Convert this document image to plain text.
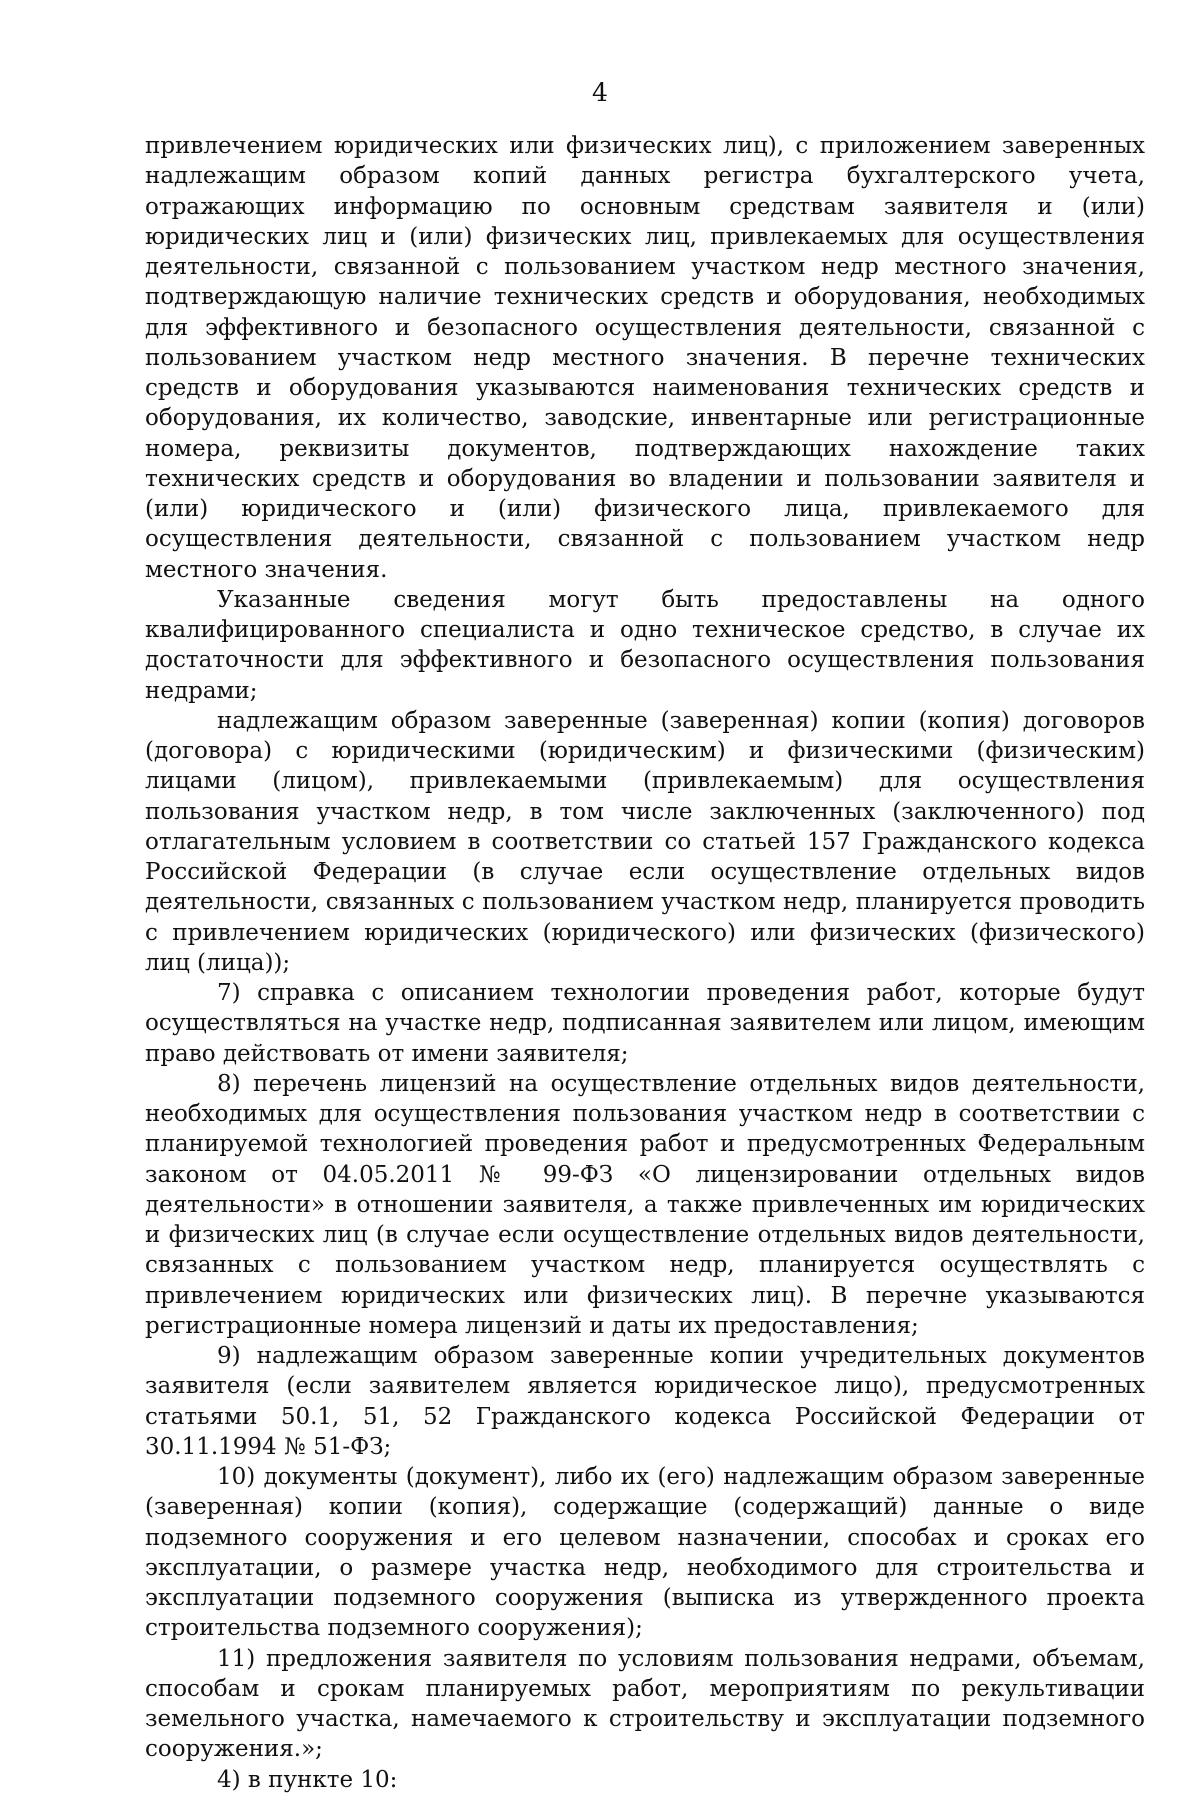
4

привлечением юридических или физических лиц), с приложением заверенных надлежащим образом копий данных регистра бухгалтерского учета, отражающих информацию по основным средствам заявителя и (или) юридических лиц и (или) физических лиц, привлекаемых для осуществления деятельности, связанной с пользованием участком недр местного значения, подтверждающую наличие технических средств и оборудования, необходимых для эффективного и безопасного осуществления деятельности, связанной с пользованием участком недр местного значения. В перечне технических средств и оборудования указываются наименования технических средств и оборудования, их количество, заводские, инвентарные или регистрационные номера, реквизиты документов, подтверждающих нахождение таких технических средств и оборудования во владении и пользовании заявителя и (или) юридического и (или) физического лица, привлекаемого для осуществления деятельности, связанной с пользованием участком недр местного значения.

Указанные сведения могут быть предоставлены на одного квалифицированного специалиста и одно техническое средство, в случае их достаточности для эффективного и безопасного осуществления пользования недрами;

надлежащим образом заверенные (заверенная) копии (копия) договоров (договора) с юридическими (юридическим) и физическими (физическим) лицами (лицом), привлекаемыми (привлекаемым) для осуществления пользования участком недр, в том числе заключенных (заключенного) под отлагательным условием в соответствии со статьей 157 Гражданского кодекса Российской Федерации (в случае если осуществление отдельных видов деятельности, связанных с пользованием участком недр, планируется проводить с привлечением юридических (юридического) или физических (физического) лиц (лица));

7) справка с описанием технологии проведения работ, которые будут осуществляться на участке недр, подписанная заявителем или лицом, имеющим право действовать от имени заявителя;

8) перечень лицензий на осуществление отдельных видов деятельности, необходимых для осуществления пользования участком недр в соответствии с планируемой технологией проведения работ и предусмотренных Федеральным законом от 04.05.2011 № 99-ФЗ «О лицензировании отдельных видов деятельности» в отношении заявителя, а также привлеченных им юридических и физических лиц (в случае если осуществление отдельных видов деятельности, связанных с пользованием участком недр, планируется осуществлять с привлечением юридических или физических лиц). В перечне указываются регистрационные номера лицензий и даты их предоставления;

9) надлежащим образом заверенные копии учредительных документов заявителя (если заявителем является юридическое лицо), предусмотренных статьями 50.1, 51, 52 Гражданского кодекса Российской Федерации от 30.11.1994 № 51-ФЗ;

10) документы (документ), либо их (его) надлежащим образом заверенные (заверенная) копии (копия), содержащие (содержащий) данные о виде подземного сооружения и его целевом назначении, способах и сроках его эксплуатации, о размере участка недр, необходимого для строительства и эксплуатации подземного сооружения (выписка из утвержденного проекта строительства подземного сооружения);

11) предложения заявителя по условиям пользования недрами, объемам, способам и срокам планируемых работ, мероприятиям по рекультивации земельного участка, намечаемого к строительству и эксплуатации подземного сооружения.»;

4) в пункте 10:
